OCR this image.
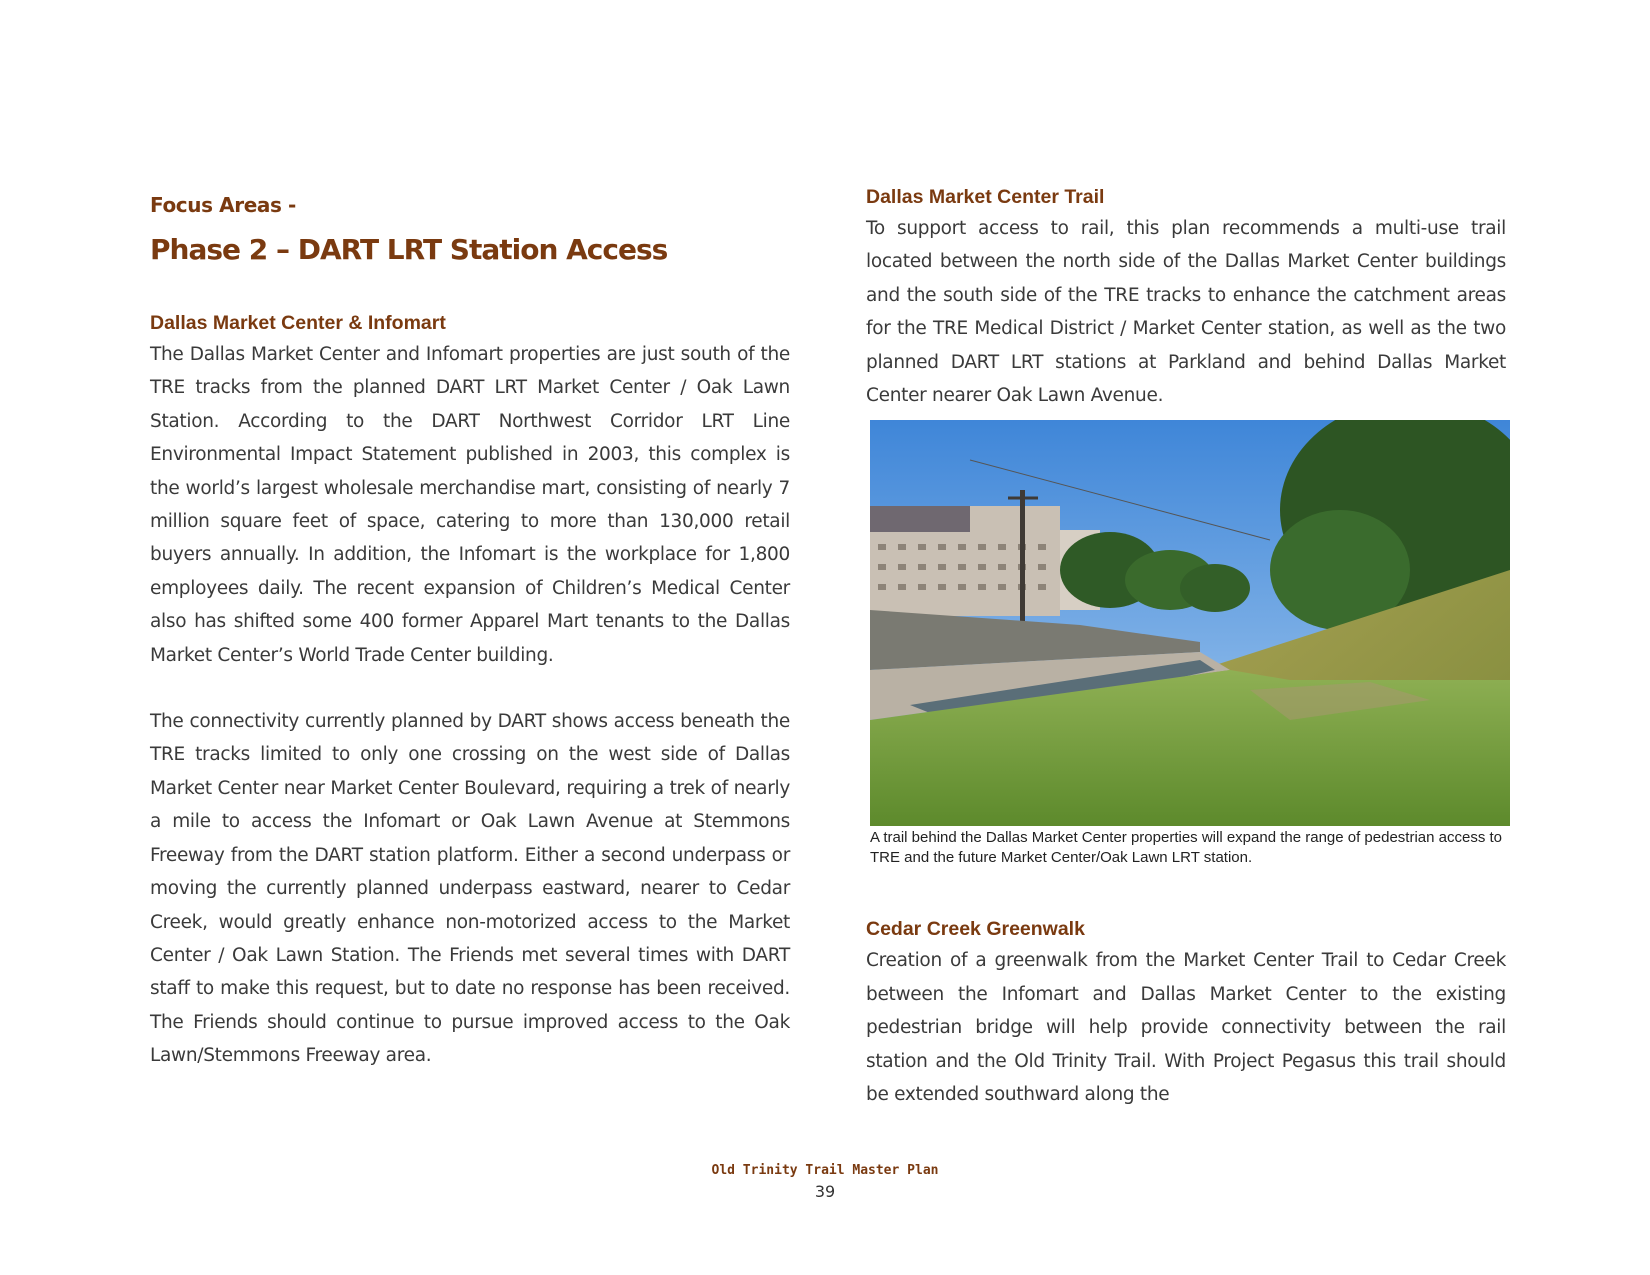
Focus Areas -

Phase 2 – DART LRT Station Access
Dallas Market Center & Infomart

The Dallas Market Center and Infomart properties are just south of the TRE tracks from the planned DART LRT Market Center / Oak Lawn Station. According to the DART Northwest Corridor LRT Line Environmental Impact Statement published in 2003, this complex is the world’s largest wholesale merchandise mart, consisting of nearly 7 million square feet of space, catering to more than 130,000 retail buyers annually. In addition, the Infomart is the workplace for 1,800 employees daily. The recent expansion of Children’s Medical Center also has shifted some 400 former Apparel Mart tenants to the Dallas Market Center’s World Trade Center building.

The connectivity currently planned by DART shows access beneath the TRE tracks limited to only one crossing on the west side of Dallas Market Center near Market Center Boulevard, requiring a trek of nearly a mile to access the Infomart or Oak Lawn Avenue at Stemmons Freeway from the DART station platform. Either a second underpass or moving the currently planned underpass eastward, nearer to Cedar Creek, would greatly enhance non-motorized access to the Market Center / Oak Lawn Station. The Friends met several times with DART staff to make this request, but to date no response has been received. The Friends should continue to pursue improved access to the Oak Lawn/Stemmons Freeway area.

Dallas Market Center Trail

To support access to rail, this plan recommends a multi-use trail located between the north side of the Dallas Market Center buildings and the south side of the TRE tracks to enhance the catchment areas for the TRE Medical District / Market Center station, as well as the two planned DART LRT stations at Parkland and behind Dallas Market Center nearer Oak Lawn Avenue.

A trail behind the Dallas Market Center properties will expand the range of pedestrian access to TRE and the future Market Center/Oak Lawn LRT station.

Cedar Creek Greenwalk

Creation of a greenwalk from the Market Center Trail to Cedar Creek between the Infomart and Dallas Market Center to the existing pedestrian bridge will help provide connectivity between the rail station and the Old Trinity Trail. With Project Pegasus this trail should be extended southward along the

Old Trinity Trail Master Plan

39
